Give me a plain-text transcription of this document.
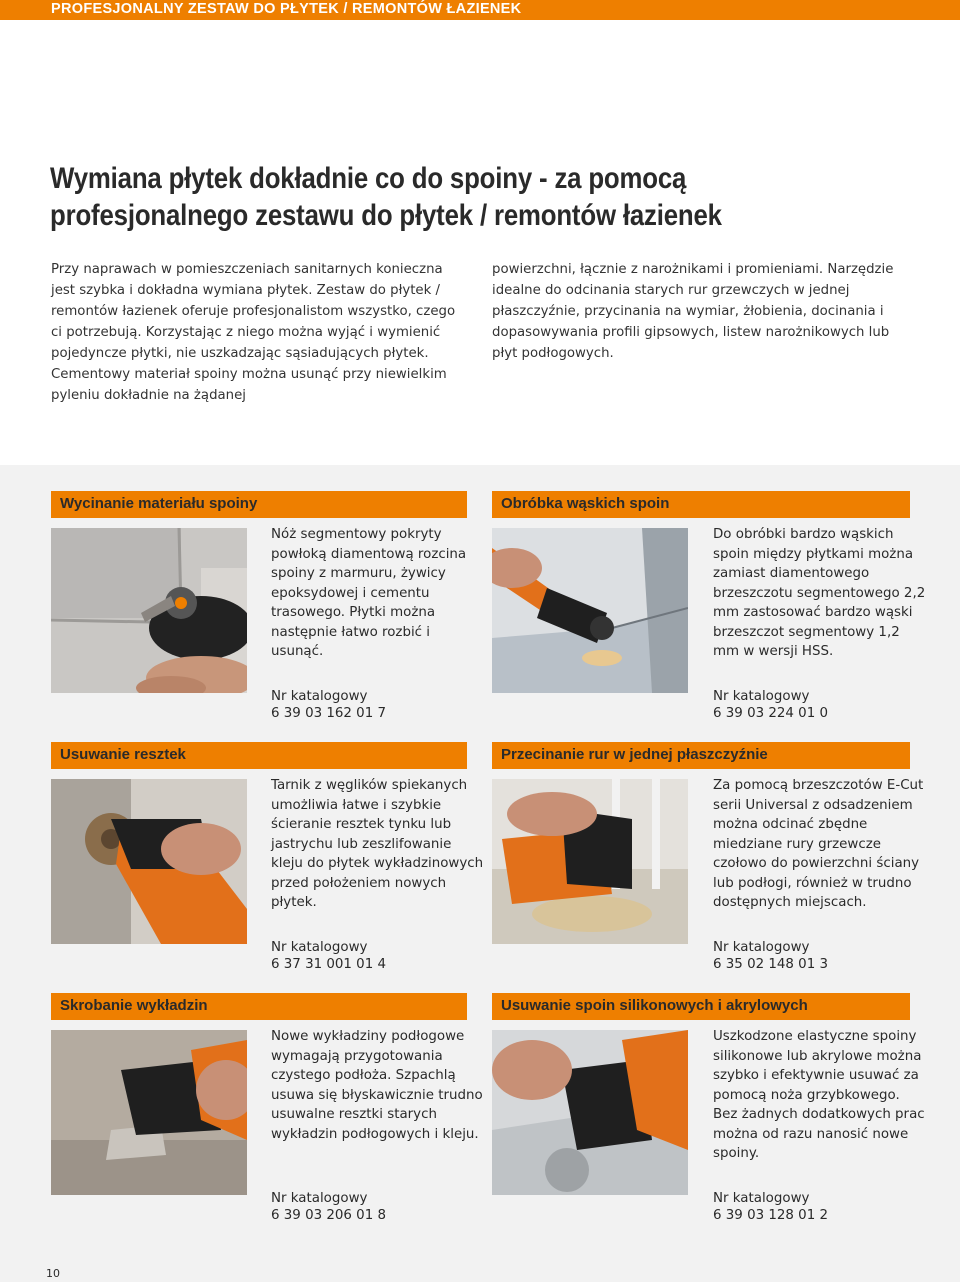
PROFESJONALNY ZESTAW DO PŁYTEK / REMONTÓW ŁAZIENEK
Wymiana płytek dokładnie co do spoiny - za pomocą
profesjonalnego zestawu do płytek / remontów łazienek

Przy naprawach w pomieszczeniach sanitarnych konieczna jest szybka i dokładna wymiana płytek. Zestaw do płytek / remontów łazienek oferuje profesjonalistom wszystko, czego ci potrzebują. Korzystając z niego można wyjąć i wymienić pojedyncze płytki, nie uszkadzając sąsiadujących płytek. Cementowy materiał spoiny można usunąć przy niewielkim pyleniu dokładnie na żądanej

powierzchni, łącznie z narożnikami i promieniami. Narzędzie idealne do odcinania starych rur grzewczych w jednej płaszczyźnie, przycinania na wymiar, żłobienia, docinania i dopasowywania profili gipsowych, listew narożnikowych lub płyt podłogowych.

Wycinanie materiału spoiny

Nóż segmentowy pokryty powłoką diamentową rozcina spoiny z marmuru, żywicy epoksydowej i cementu trasowego. Płytki można następnie łatwo rozbić i usunąć.

Nr katalogowy
6 39 03 162 01 7
Obróbka wąskich spoin

Do obróbki bardzo wąskich spoin między płytkami można zamiast diamentowego brzeszczotu segmentowego 2,2 mm zastosować bardzo wąski brzeszczot segmentowy 1,2 mm w wersji HSS.

Nr katalogowy
6 39 03 224 01 0
Usuwanie resztek

Tarnik z węglików spiekanych umożliwia łatwe i szybkie ścieranie resztek tynku lub jastrychu lub zeszlifowanie kleju do płytek wykładzinowych przed położeniem nowych płytek.

Nr katalogowy
6 37 31 001 01 4
Przecinanie rur w jednej płaszczyźnie

Za pomocą brzeszczotów E-Cut serii Universal z odsadzeniem można odcinać zbędne miedziane rury grzewcze czołowo do powierzchni ściany lub podłogi, również w trudno dostępnych miejscach.

Nr katalogowy
6 35 02 148 01 3
Skrobanie wykładzin

Nowe wykładziny podłogowe wymagają przygotowania czystego podłoża. Szpachlą usuwa się błyskawicznie trudno usuwalne resztki starych wykładzin podłogowych i kleju.

Nr katalogowy
6 39 03 206 01 8
Usuwanie spoin silikonowych i akrylowych

Uszkodzone elastyczne spoiny silikonowe lub akrylowe można szybko i efektywnie usuwać za pomocą noża grzybkowego. Bez żadnych dodatkowych prac można od razu nanosić nowe spoiny.

Nr katalogowy
6 39 03 128 01 2
10
